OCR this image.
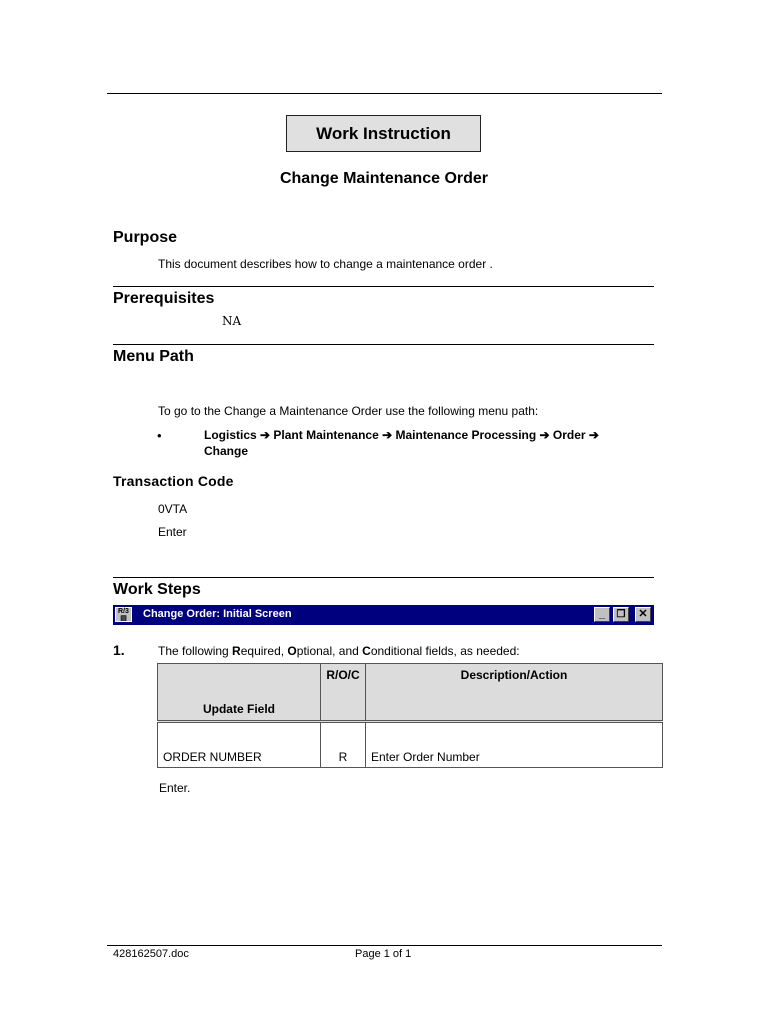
Work Instruction
Change Maintenance Order
Purpose
This document describes how to change a maintenance order .
Prerequisites
NA
Menu Path
To go to the Change a Maintenance Order use the following menu path:
•	Logistics ➔ Plant Maintenance ➔ Maintenance Processing ➔ Order ➔
Change
Transaction Code
0VTA
Enter
Work Steps
R/3
▤	Change Order: Initial Screen	_	❐	✕
1.	The following Required, Optional, and Conditional fields, as needed:
Update Field	R/O/C	Description/Action
ORDER NUMBER	R	Enter Order Number
Enter.
428162507.doc	Page 1 of 1
